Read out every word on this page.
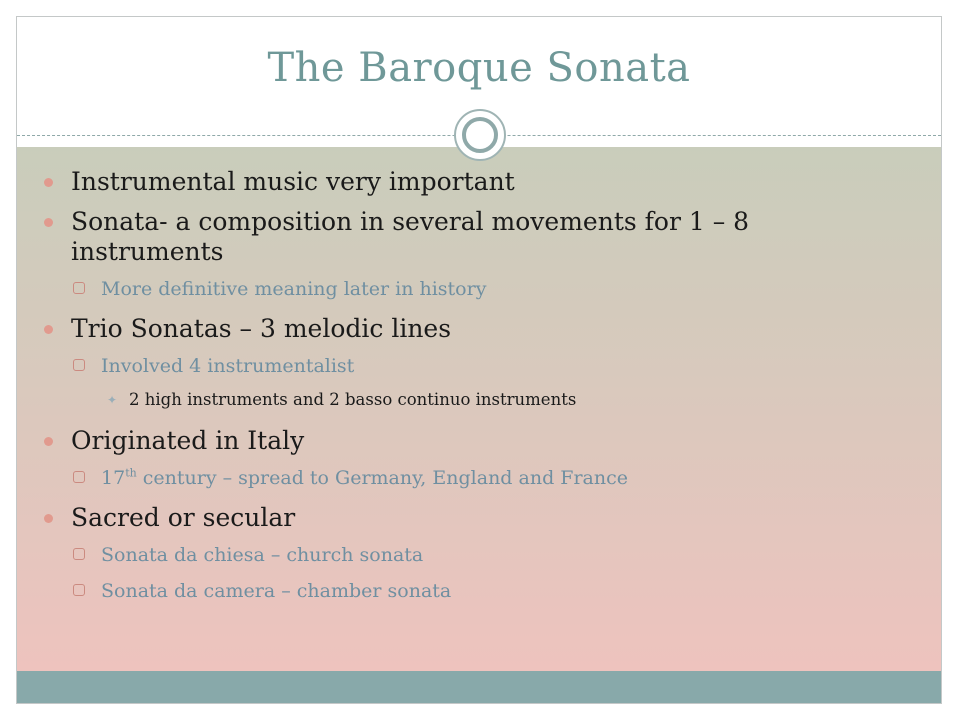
The Baroque Sonata
Instrumental music very important
Sonata- a composition in several movements for 1 – 8 instruments
More definitive meaning later in history
Trio Sonatas – 3 melodic lines
Involved 4 instrumentalist
✦ 2 high instruments and 2 basso continuo instruments
Originated in Italy
17th century – spread to Germany, England and France
Sacred or secular
Sonata da chiesa – church sonata
Sonata da camera – chamber sonata
